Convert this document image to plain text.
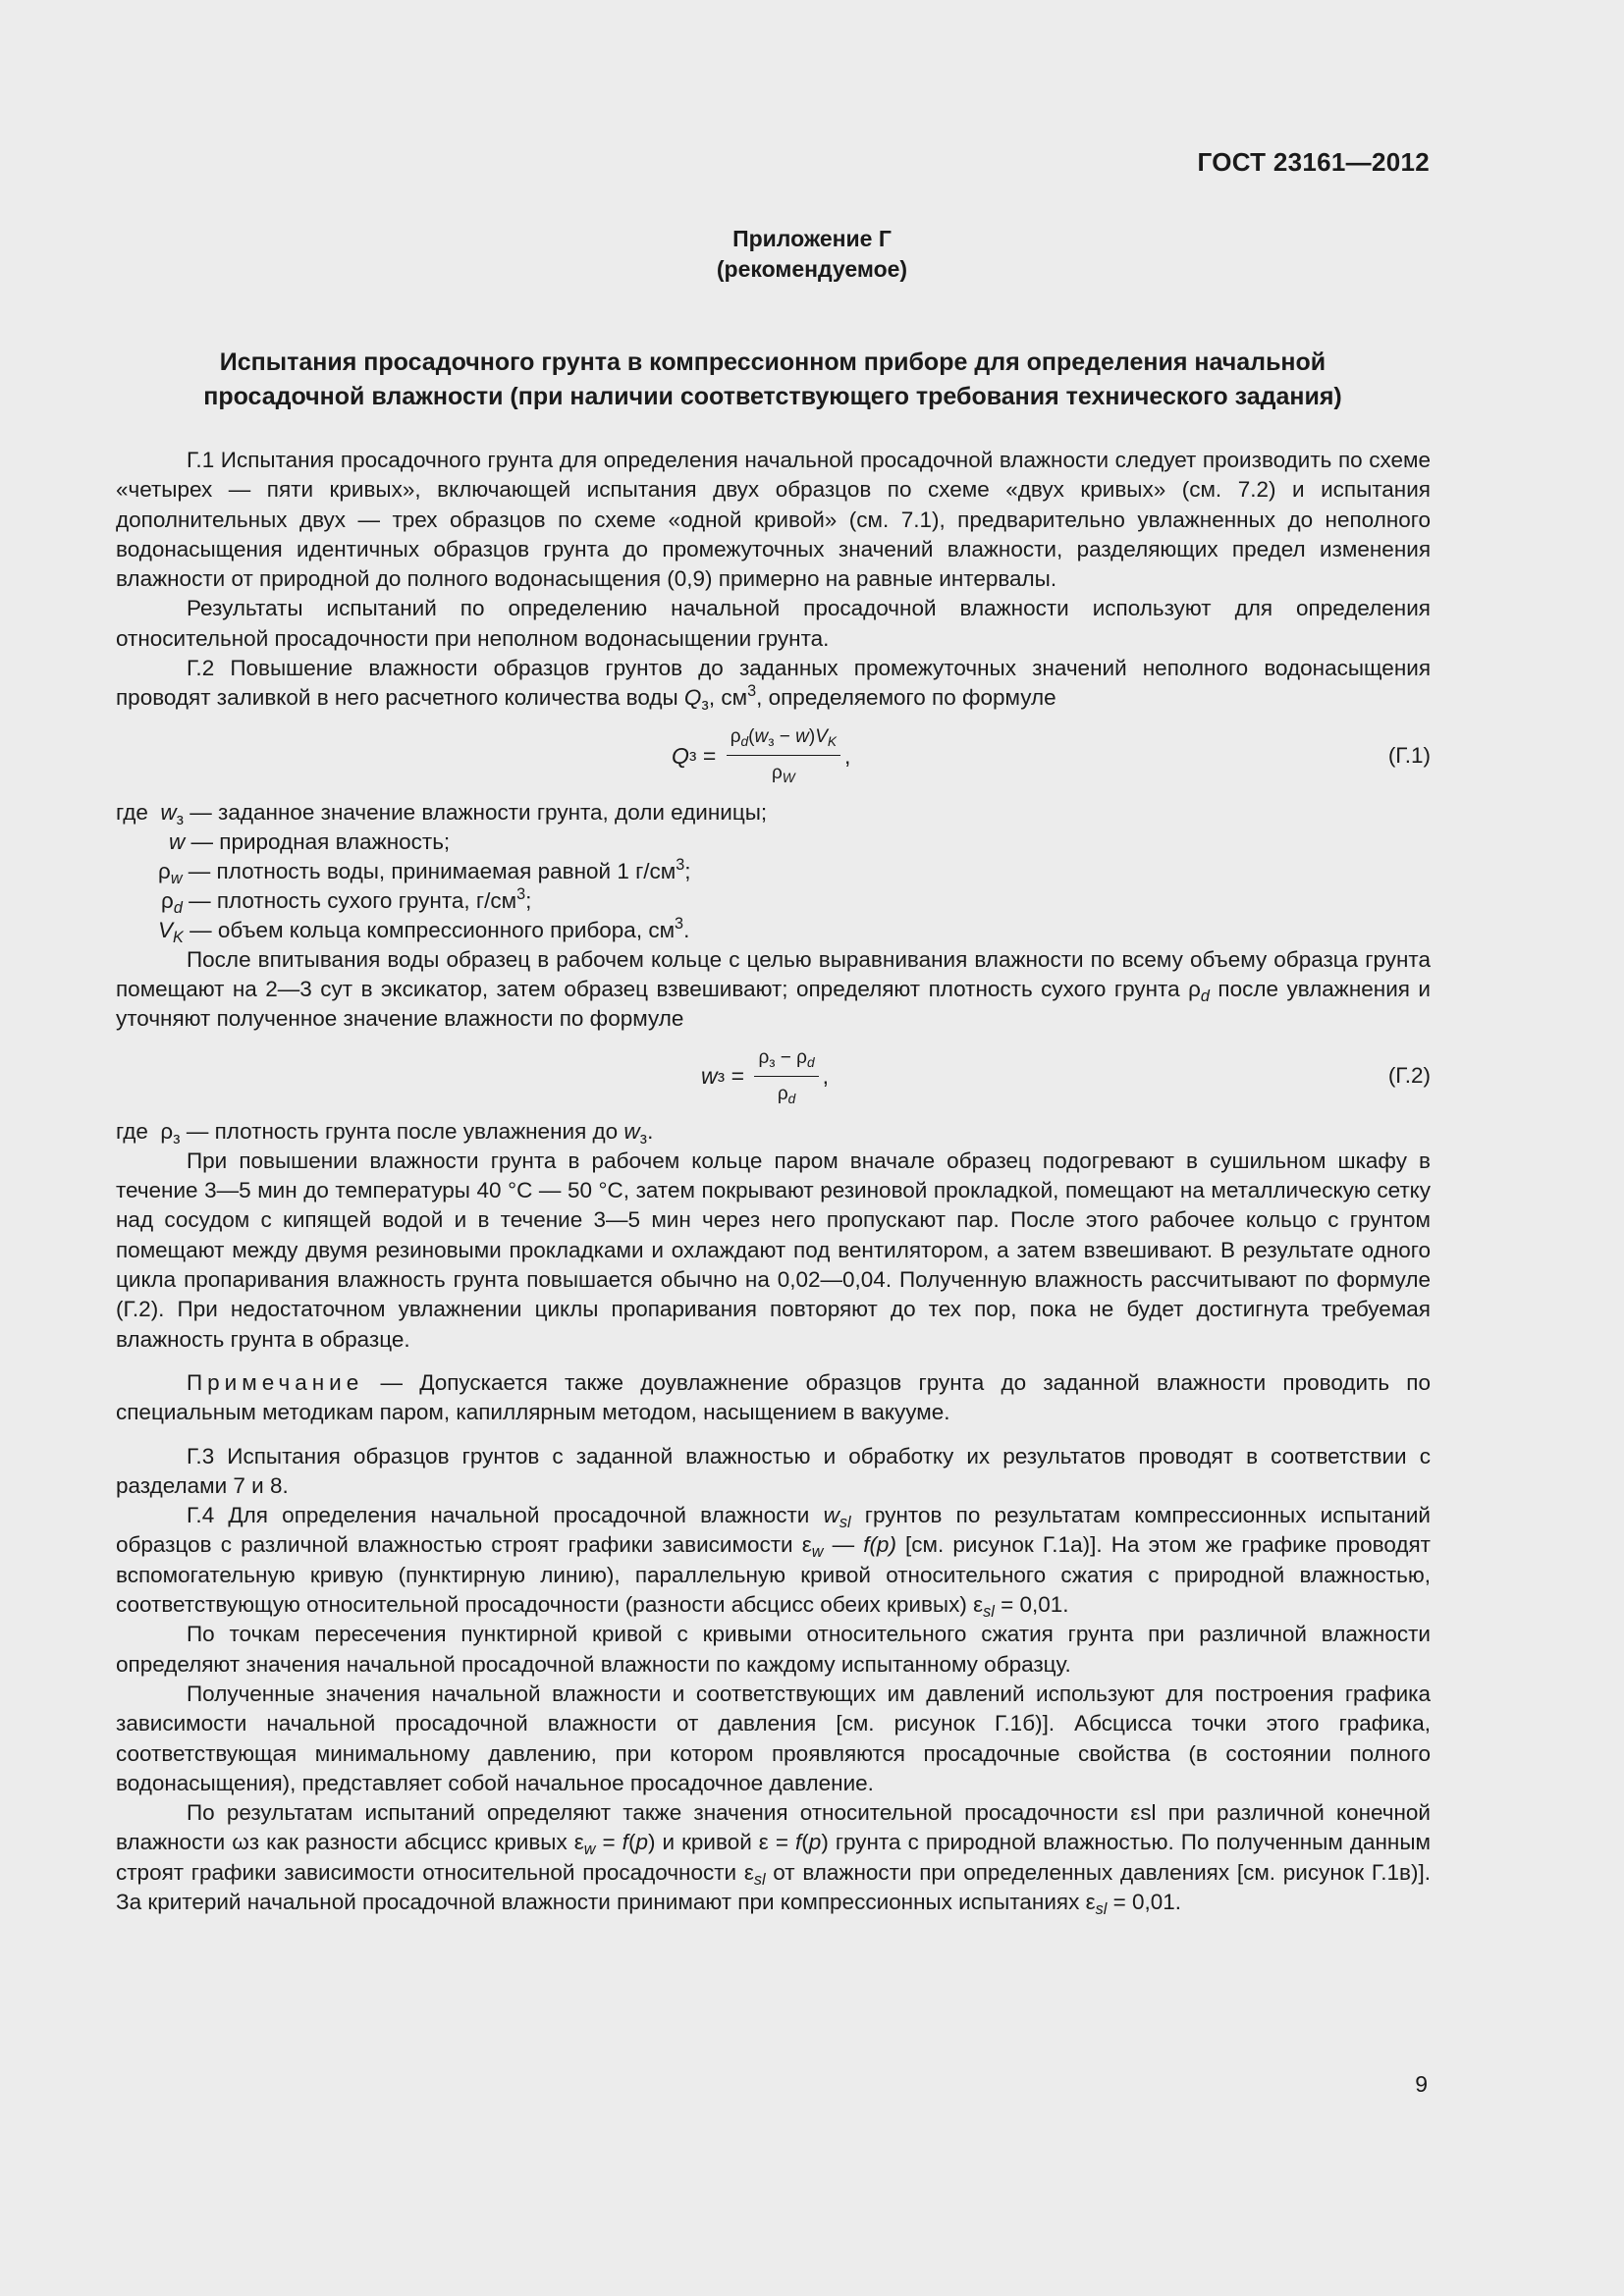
ГОСТ 23161—2012
Приложение Г
(рекомендуемое)
Испытания просадочного грунта в компрессионном приборе для определения начальной
просадочной влажности (при наличии соответствующего требования технического задания)

Г.1 Испытания просадочного грунта для определения начальной просадочной влажности следует производить по схеме «четырех — пяти кривых», включающей испытания двух образцов по схеме «двух кривых» (см. 7.2) и испытания дополнительных двух — трех образцов по схеме «одной кривой» (см. 7.1), предварительно увлажненных до неполного водонасыщения идентичных образцов грунта до промежуточных значений влажности, разделяющих предел изменения влажности от природной до полного водонасыщения (0,9) примерно на равные интервалы.

Результаты испытаний по определению начальной просадочной влажности используют для определения относительной просадочности при неполном водонасыщении грунта.

Г.2 Повышение влажности образцов грунтов до заданных промежуточных значений неполного водонасыщения проводят заливкой в него расчетного количества воды $Q_з$, $см^3$, определяемого по формуле

Q $з = \frac{\rho_d(w_з - w)V_K}{\rho_W}$ ,	(Г.1)
где  $w_з$ — заданное значение влажности грунта, доли единицы;
w — природная влажность;
$\rho_w$ — плотность воды, принимаемая равной 1 $г/см^3$;
$\rho_d$ — плотность сухого грунта, $г/см^3$;
$V_K$ — объем кольца компрессионного прибора, $см^3$.

После впитывания воды образец в рабочем кольце с целью выравнивания влажности по всему объему образца грунта помещают на 2—3 сут в эксикатор, затем образец взвешивают; определяют плотность сухого грунта $\rho_d$ после увлажнения и уточняют полученное значение влажности по формуле

w $з = \frac{\rho_з - \rho_d}{\rho_d}$ ,	(Г.2)

где  $\rho_з$ — плотность грунта после увлажнения до $w_з$.

При повышении влажности грунта в рабочем кольце паром вначале образец подогревают в сушильном шкафу в течение 3—5 мин до температуры 40 °С — 50 °С, затем покрывают резиновой прокладкой, помещают на металлическую сетку над сосудом с кипящей водой и в течение 3—5 мин через него пропускают пар. После этого рабочее кольцо с грунтом помещают между двумя резиновыми прокладками и охлаждают под вентилятором, а затем взвешивают. В результате одного цикла пропаривания влажность грунта повышается обычно на 0,02—0,04. Полученную влажность рассчитывают по формуле (Г.2). При недостаточном увлажнении циклы пропаривания повторяют до тех пор, пока не будет достигнута требуемая влажность грунта в образце.

Примечание — Допускается также доувлажнение образцов грунта до заданной влажности проводить по специальным методикам паром, капиллярным методом, насыщением в вакууме.

Г.3 Испытания образцов грунтов с заданной влажностью и обработку их результатов проводят в соответствии с разделами 7 и 8.

Г.4 Для определения начальной просадочной влажности $w_{sl}$ грунтов по результатам компрессионных испытаний образцов с различной влажностью строят графики зависимости $\varepsilon_w$ — f(p) [см. рисунок Г.1а)]. На этом же графике проводят вспомогательную кривую (пунктирную линию), параллельную кривой относительного сжатия с природной влажностью, соответствующую относительной просадочности (разности абсцисс обеих кривых) $\varepsilon_{sl} = 0,01$.

По точкам пересечения пунктирной кривой с кривыми относительного сжатия грунта при различной влажности определяют значения начальной просадочной влажности по каждому испытанному образцу.

Полученные значения начальной влажности и соответствующих им давлений используют для построения графика зависимости начальной просадочной влажности от давления [см. рисунок Г.1б)]. Абсцисса точки этого графика, соответствующая минимальному давлению, при котором проявляются просадочные свойства (в состоянии полного водонасыщения), представляет собой начальное просадочное давление.

По результатам испытаний определяют также значения относительной просадочности εsl при различной конечной влажности ωз как разности абсцисс кривых $\varepsilon_w = f(p)$ и кривой ε = f(p) грунта с природной влажностью. По полученным данным строят графики зависимости относительной просадочности $\varepsilon_{sl}$ от влажности при определенных давлениях [см. рисунок Г.1в)]. За критерий начальной просадочной влажности принимают при компрессионных испытаниях $\varepsilon_{sl} = 0,01$.

9
